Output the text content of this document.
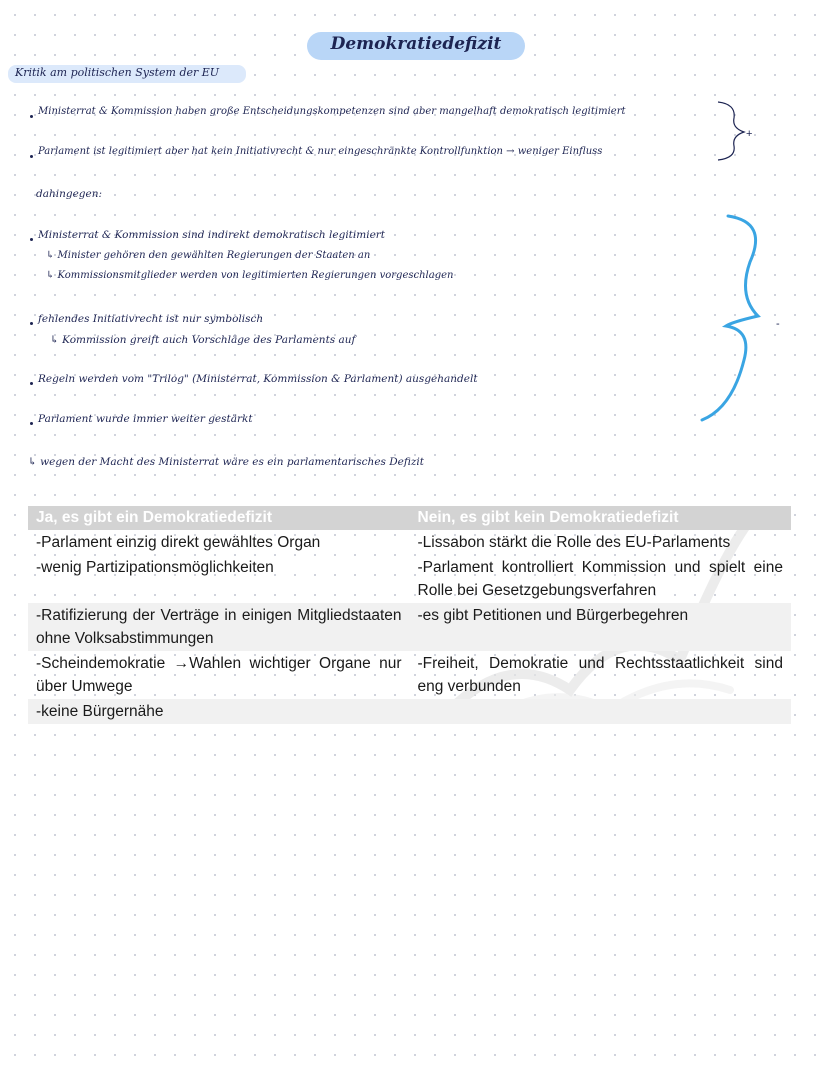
Demokratiedefizit
Kritik am politischen System der EU
Ministerrat & Kommission haben große Entscheidungskompetenzen sind aber mangelhaft demokratisch legitimiert
Parlament ist legitimiert aber hat kein Initiativrecht & nur eingeschränkte Kontrollfunktion → weniger Einfluss
dahingegen:
Ministerrat & Kommission sind indirekt demokratisch legitimiert
↳ Minister gehören den gewählten Regierungen der Staaten an
↳ Kommissionsmitglieder werden von legitimierten Regierungen vorgeschlagen
fehlendes Initiativrecht ist nur symbolisch
↳ Kommission greift auch Vorschläge des Parlaments auf
Regeln werden vom "Trilog" (Ministerrat, Kommission & Parlament) ausgehandelt
Parlament wurde immer weiter gestärkt
↳ wegen der Macht des Ministerrat wäre es ein parlamentarisches Defizit
+
-
Ja, es gibt ein Demokratiedefizit	Nein, es gibt kein Demokratiedefizit
-Parlament einzig direkt gewähltes Organ	-Lissabon stärkt die Rolle des EU-Parlaments
-wenig Partizipationsmöglichkeiten	-Parlament kontrolliert Kommission und spielt eine Rolle bei Gesetzgebungsverfahren
-Ratifizierung der Verträge in einigen Mitgliedstaaten ohne Volksabstimmungen	-es gibt Petitionen und Bürgerbegehren
-Scheindemokratie →Wahlen wichtiger Organe nur über Umwege	-Freiheit, Demokratie und Rechtsstaatlichkeit sind eng verbunden
-keine Bürgernähe	
